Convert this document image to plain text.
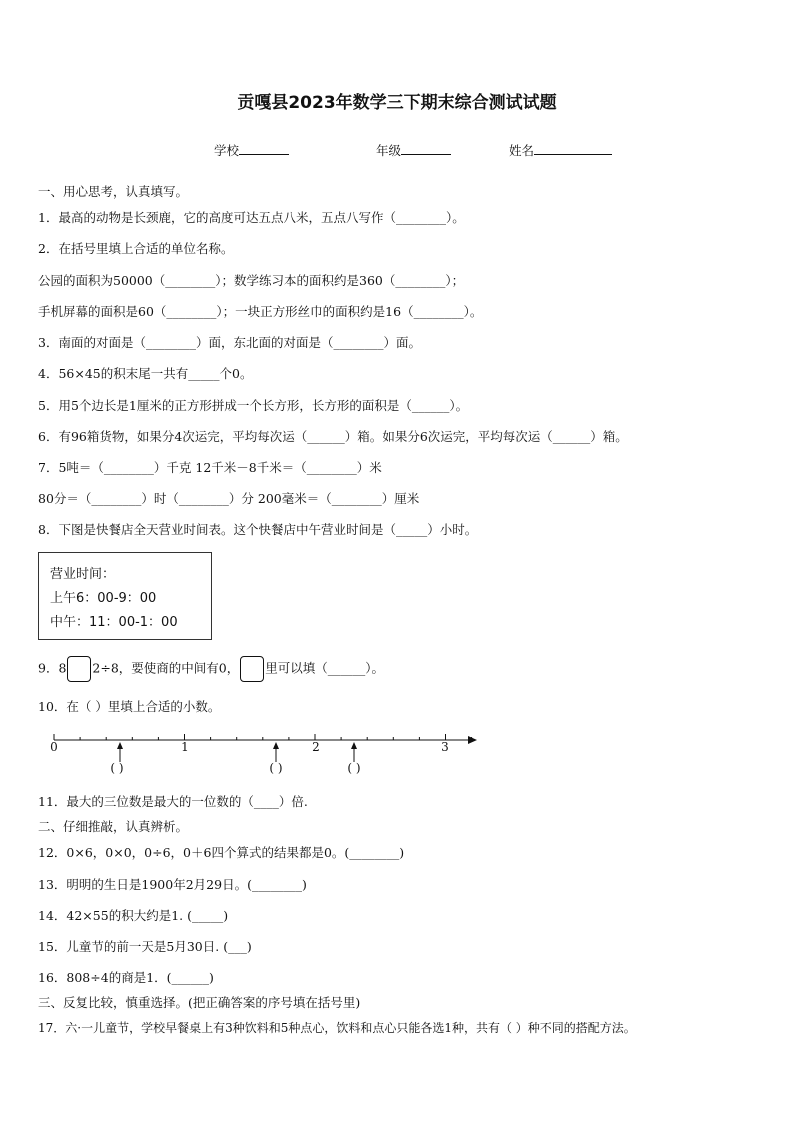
贡嘎县2023年数学三下期末综合测试试题
学校	年级	姓名
一、用心思考，认真填写。
1．最高的动物是长颈鹿，它的高度可达五点八米，五点八写作（________）。
2．在括号里填上合适的单位名称。
公园的面积为50000（________）；数学练习本的面积约是360（________）；
手机屏幕的面积是60（________）；一块正方形丝巾的面积约是16（________）。
3．南面的对面是（________）面，东北面的对面是（________）面。
4．56×45的积末尾一共有_____个0。
5．用5个边长是1厘米的正方形拼成一个长方形，长方形的面积是（______）。
6．有96箱货物，如果分4次运完，平均每次运（______）箱。如果分6次运完，平均每次运（______）箱。
7．5吨＝（________）千克 12千米－8千米＝（________）米
80分＝（________）时（________）分 200毫米＝（________）厘米
8．下图是快餐店全天营业时间表。这个快餐店中午营业时间是（_____）小时。
营业时间：
上午6：00-9：00
中午：11：00-1：00
9．8 2÷8，要使商的中间有0， 里可以填（______）。
10．在（ ）里填上合适的小数。
0	1	2	3
( )	( )	( )
11．最大的三位数是最大的一位数的（____）倍.
二、仔细推敲，认真辨析。
12．0×6，0×0，0÷6，0＋6四个算式的结果都是0。(________)
13．明明的生日是1900年2月29日。(________)
14．42×55的积大约是1. (_____)
15．儿童节的前一天是5月30日. (___)
16．808÷4的商是1．(______)
三、反复比较，慎重选择。(把正确答案的序号填在括号里)
17．六·一儿童节，学校早餐桌上有3种饮料和5种点心，饮料和点心只能各选1种，共有（ ）种不同的搭配方法。
